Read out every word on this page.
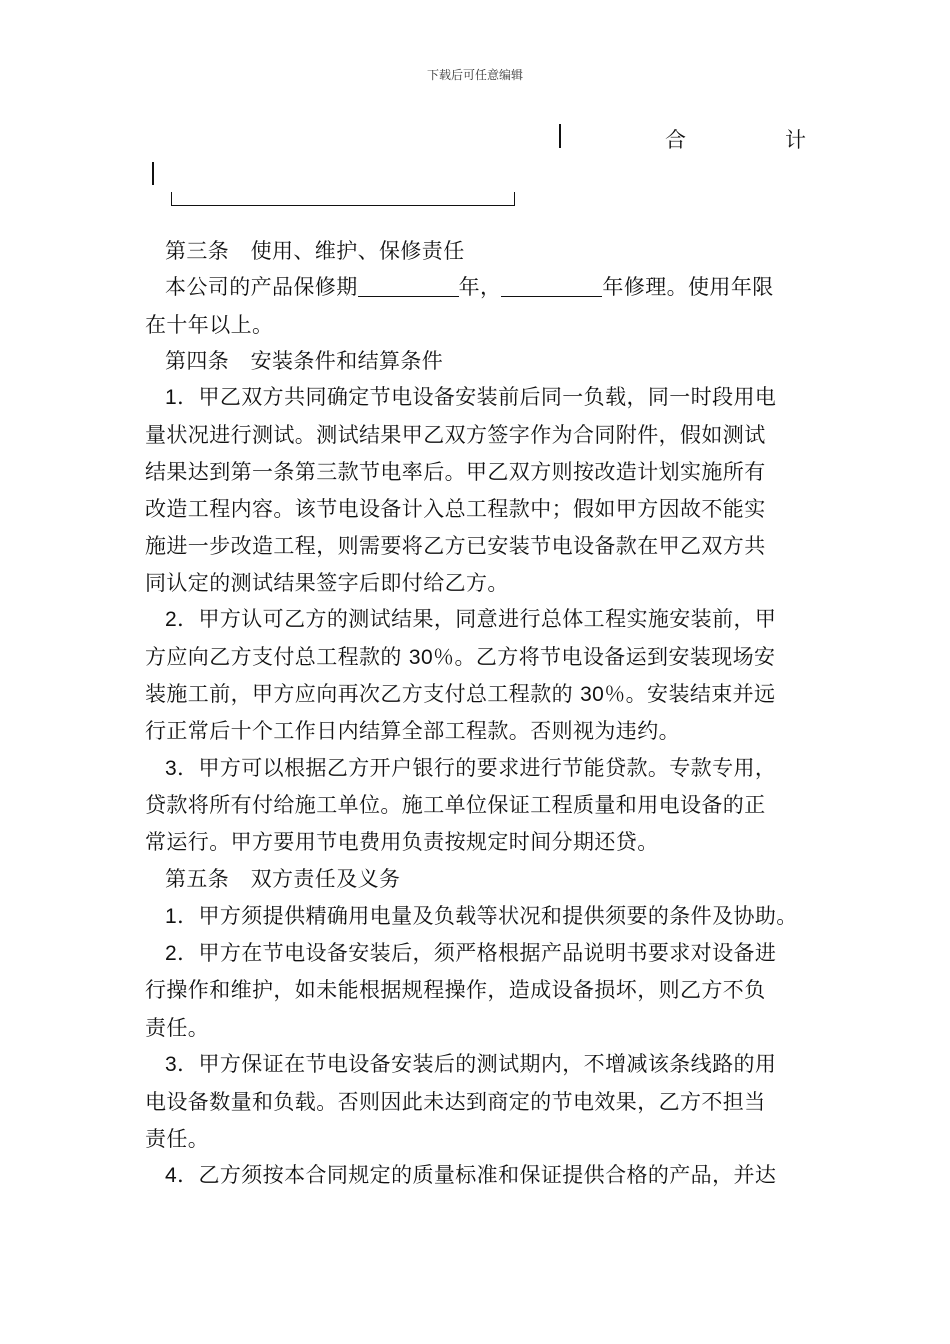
下载后可任意编辑
合	计
第三条　使用、维护、保修责任
本公司的产品保修期	年，	年修理。使用年限
在十年以上。
第四条　安装条件和结算条件
1．甲乙双方共同确定节电设备安装前后同一负载，同一时段用电
量状况进行测试。测试结果甲乙双方签字作为合同附件，假如测试
结果达到第一条第三款节电率后。甲乙双方则按改造计划实施所有
改造工程内容。该节电设备计入总工程款中；假如甲方因故不能实
施进一步改造工程，则需要将乙方已安装节电设备款在甲乙双方共
同认定的测试结果签字后即付给乙方。
2．甲方认可乙方的测试结果，同意进行总体工程实施安装前，甲
方应向乙方支付总工程款的 30％。乙方将节电设备运到安装现场安
装施工前，甲方应向再次乙方支付总工程款的 30％。安装结束并远
行正常后十个工作日内结算全部工程款。否则视为违约。
3．甲方可以根据乙方开户银行的要求进行节能贷款。专款专用，
贷款将所有付给施工单位。施工单位保证工程质量和用电设备的正
常运行。甲方要用节电费用负责按规定时间分期还贷。
第五条　双方责任及义务
1．甲方须提供精确用电量及负载等状况和提供须要的条件及协助。
2．甲方在节电设备安装后，须严格根据产品说明书要求对设备进
行操作和维护，如未能根据规程操作，造成设备损坏，则乙方不负
责任。
3．甲方保证在节电设备安装后的测试期内，不增减该条线路的用
电设备数量和负载。否则因此未达到商定的节电效果，乙方不担当
责任。
4．乙方须按本合同规定的质量标准和保证提供合格的产品，并达
